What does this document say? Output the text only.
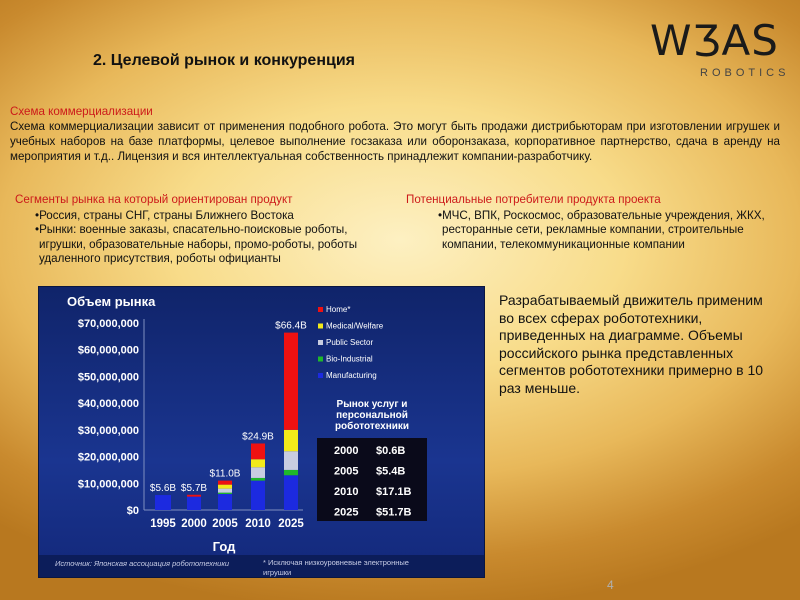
WƷAS
ROBOTICS
2. Целевой рынок и конкуренция
Схема коммерциализации
Схема коммерциализации зависит от применения подобного робота. Это могут быть продажи дистрибьюторам при изготовлении игрушек и учебных наборов на базе платформы, целевое выполнение госзаказа или оборонзаказа, корпоративное партнерство, сдача в аренду на мероприятия и т.д.. Лицензия и вся интеллектуальная собственность принадлежит компании-разработчику.
Сегменты рынка на который ориентирован продукт
•Россия, страны СНГ, страны Ближнего Востока
•Рынки: военные заказы, спасательно-поисковые роботы, игрушки, образовательные наборы, промо-роботы, роботы удаленного присутствия, роботы официанты
Потенциальные потребители продукта проекта
•МЧС, ВПК, Роскосмос, образовательные учреждения, ЖКХ, ресторанные сети, рекламные компании, строительные компании, телекоммуникационные компании
Объем рынка
$70,000,000
$60,000,000
$50,000,000
$40,000,000
$30,000,000
$20,000,000
$10,000,000
$0
$5.6B
1995
$5.7B
2000
$11.0B
2005
$24.9B
2010
$66.4B
2025
Год
Home*
Medical/Welfare
Public Sector
Bio-Industrial
Manufacturing
Рынок услуг и
персональной
робототехники
2000 $0.6B
2005 $5.4B
2010 $17.1B
2025 $51.7B
Источник: Японская ассоциация робототехники	* Исключая низкоуровневые электронные
игрушки
Разрабатываемый движитель применим во всех сферах робототехники, приведенных на диаграмме. Объемы российского рынка представленных сегментов робототехники примерно в 10 раз меньше.
4
